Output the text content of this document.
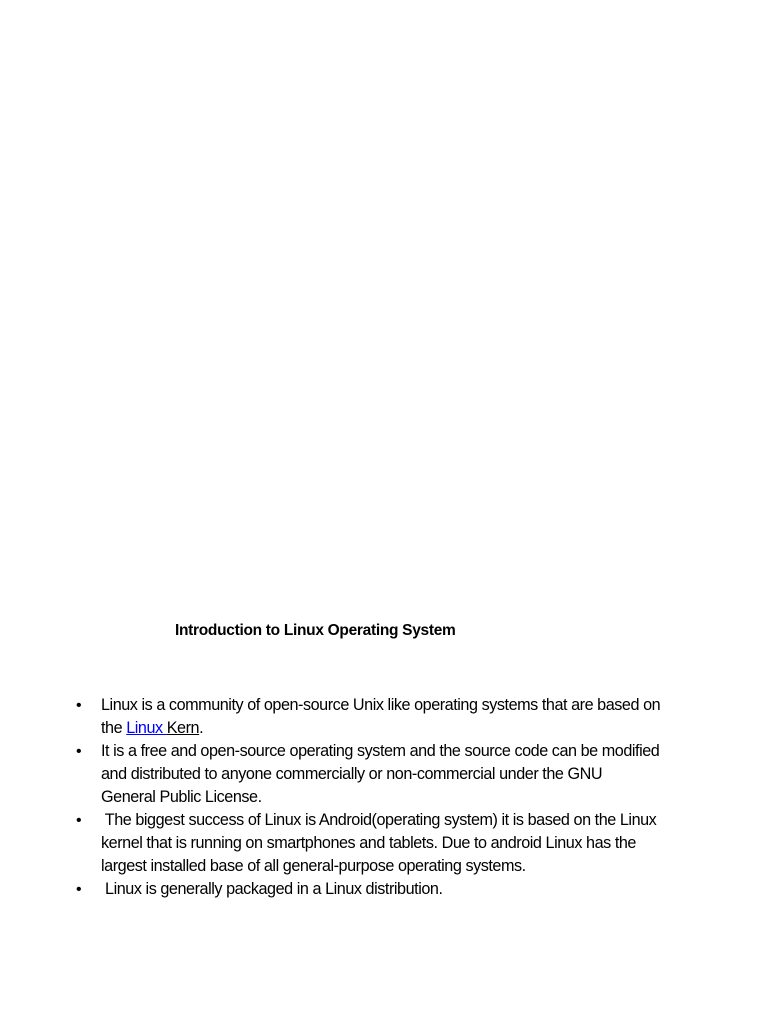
Introduction to Linux Operating System
• Linux is a community of open-source Unix like operating systems that are based on
the Linux Kern.
• It is a free and open-source operating system and the source code can be modified
and distributed to anyone commercially or non-commercial under the GNU
General Public License.
• The biggest success of Linux is Android(operating system) it is based on the Linux
kernel that is running on smartphones and tablets. Due to android Linux has the
largest installed base of all general-purpose operating systems.
• Linux is generally packaged in a Linux distribution.
